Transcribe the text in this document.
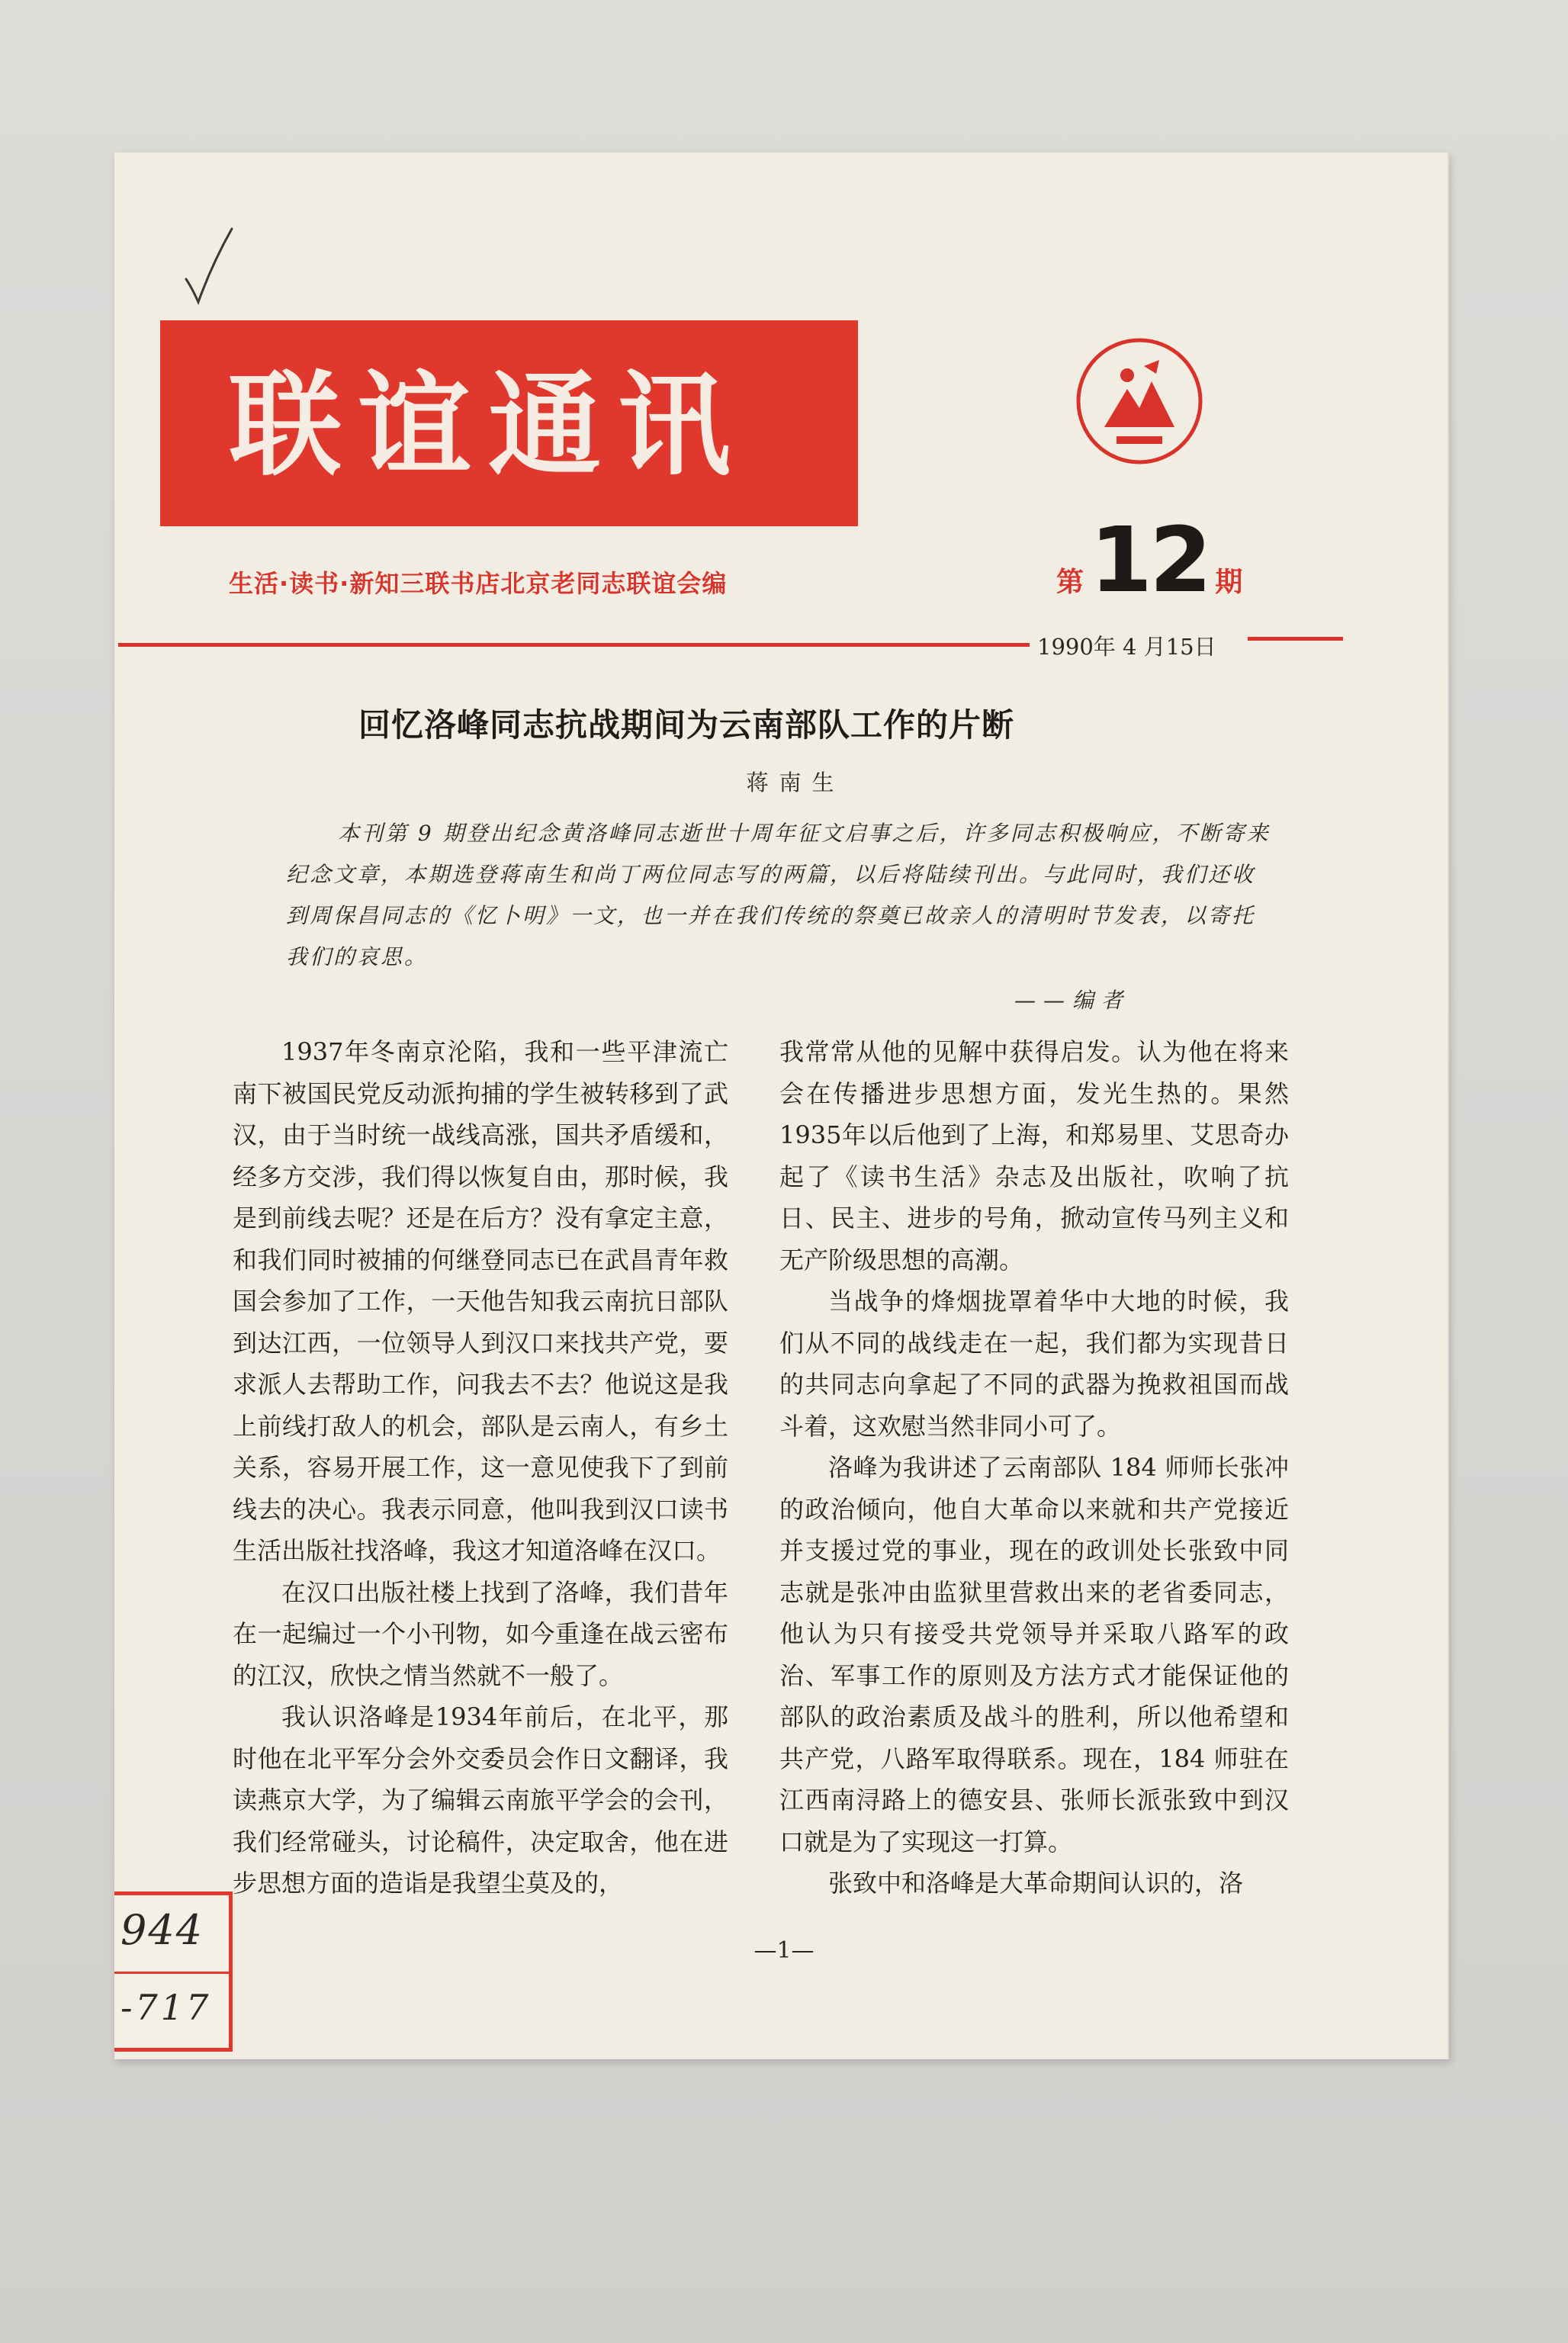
联谊通讯
生活·读书·新知三联书店北京老同志联谊会编	第12 期
1990年 4 月15日
回忆洛峰同志抗战期间为云南部队工作的片断
蒋南生
本刊第 9 期登出纪念黄洛峰同志逝世十周年征文启事之后，许多同志积极响应，不断寄来纪念文章，本期选登蒋南生和尚丁两位同志写的两篇，以后将陆续刊出。与此同时，我们还收到周保昌同志的《忆卜明》一文，也一并在我们传统的祭奠已故亲人的清明时节发表，以寄托我们的哀思。
——编者

1937年冬南京沦陷，我和一些平津流亡南下被国民党反动派拘捕的学生被转移到了武汉，由于当时统一战线高涨，国共矛盾缓和，经多方交涉，我们得以恢复自由，那时候，我是到前线去呢？还是在后方？没有拿定主意，和我们同时被捕的何继登同志已在武昌青年救国会参加了工作，一天他告知我云南抗日部队到达江西，一位领导人到汉口来找共产党，要求派人去帮助工作，问我去不去？他说这是我上前线打敌人的机会，部队是云南人，有乡土关系，容易开展工作，这一意见使我下了到前线去的决心。我表示同意，他叫我到汉口读书生活出版社找洛峰，我这才知道洛峰在汉口。

在汉口出版社楼上找到了洛峰，我们昔年在一起编过一个小刊物，如今重逢在战云密布的江汉，欣快之情当然就不一般了。

我认识洛峰是1934年前后，在北平，那时他在北平军分会外交委员会作日文翻译，我读燕京大学，为了编辑云南旅平学会的会刊，我们经常碰头，讨论稿件，决定取舍，他在进步思想方面的造诣是我望尘莫及的，

我常常从他的见解中获得启发。认为他在将来会在传播进步思想方面，发光生热的。果然1935年以后他到了上海，和郑易里、艾思奇办起了《读书生活》杂志及出版社，吹响了抗日、民主、进步的号角，掀动宣传马列主义和无产阶级思想的高潮。

当战争的烽烟拢罩着华中大地的时候，我们从不同的战线走在一起，我们都为实现昔日的共同志向拿起了不同的武器为挽救祖国而战斗着，这欢慰当然非同小可了。

洛峰为我讲述了云南部队 184 师师长张冲的政治倾向，他自大革命以来就和共产党接近并支援过党的事业，现在的政训处长张致中同志就是张冲由监狱里营救出来的老省委同志，他认为只有接受共党领导并采取八路军的政治、军事工作的原则及方法方式才能保证他的部队的政治素质及战斗的胜利，所以他希望和共产党，八路军取得联系。现在，184 师驻在江西南浔路上的德安县、张师长派张致中到汉口就是为了实现这一打算。

张致中和洛峰是大革命期间认识的，洛

—1—
944
-717
